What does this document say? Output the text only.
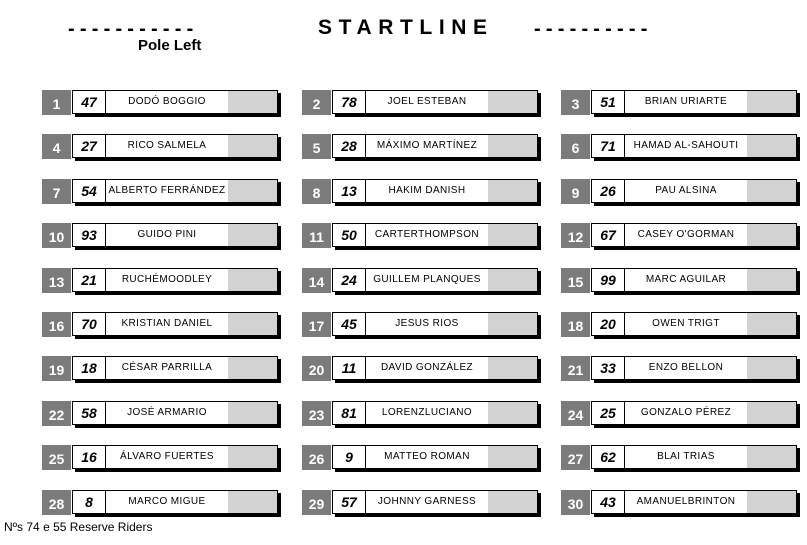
-----------	STARTLINE ----------
Pole Left
1	47	DODÓ BOGGIO	2	78	JOEL ESTEBAN	3	51	BRIAN URIARTE
4	27	RICO SALMELA	5	28	MÁXIMO MARTÍNEZ	6	71	HAMAD AL-SAHOUTI
7	54	ALBERTO FERRÁNDEZ	8	13	HAKIM DANISH	9	26	PAU ALSINA
10	93	GUIDO PINI	11	50	CARTERTHOMPSON	12	67	CASEY O'GORMAN
13	21	RUCHÉMOODLEY	14	24	GUILLEM PLANQUES	15	99	MARC AGUILAR
16	70	KRISTIAN DANIEL	17	45	JESUS RIOS	18	20	OWEN TRIGT
19	18	CÉSAR PARRILLA	20	11	DAVID GONZÁLEZ	21	33	ENZO BELLON
22	58	JOSÉ ARMARIO	23	81	LORENZLUCIANO	24	25	GONZALO PÉREZ
25	16	ÁLVARO FUERTES	26	9	MATTEO ROMAN	27	62	BLAI TRIAS
28	8	MARCO MIGUE	29	57	JOHNNY GARNESS	30	43	AMANUELBRINTON
Nºs 74 e 55 Reserve Riders
